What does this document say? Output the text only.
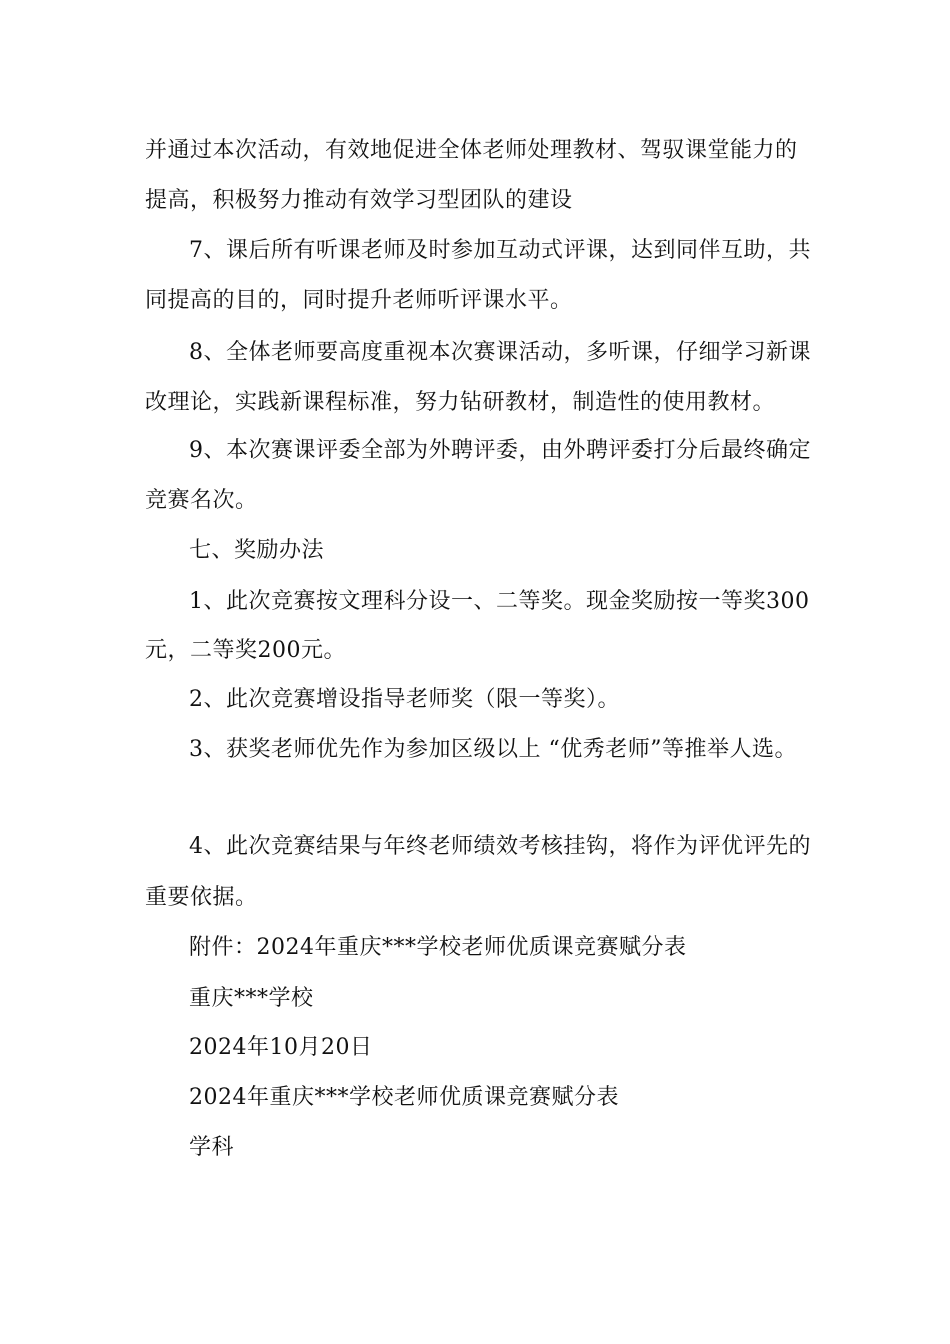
并通过本次活动，有效地促进全体老师处理教材、驾驭课堂能力的
提高，积极努力推动有效学习型团队的建设
7、课后所有听课老师及时参加互动式评课，达到同伴互助，共
同提高的目的，同时提升老师听评课水平。
8、全体老师要高度重视本次赛课活动，多听课，仔细学习新课
改理论，实践新课程标准，努力钻研教材，制造性的使用教材。
9、本次赛课评委全部为外聘评委，由外聘评委打分后最终确定
竞赛名次。
七、奖励办法
1、此次竞赛按文理科分设一、二等奖。现金奖励按一等奖300
元，二等奖200元。
2、此次竞赛增设指导老师奖（限一等奖）。
3、获奖老师优先作为参加区级以上 “优秀老师”等推举人选。
4、此次竞赛结果与年终老师绩效考核挂钩，将作为评优评先的
重要依据。
附件：2024年重庆***学校老师优质课竞赛赋分表
重庆***学校
2024年10月20日
2024年重庆***学校老师优质课竞赛赋分表
学科
